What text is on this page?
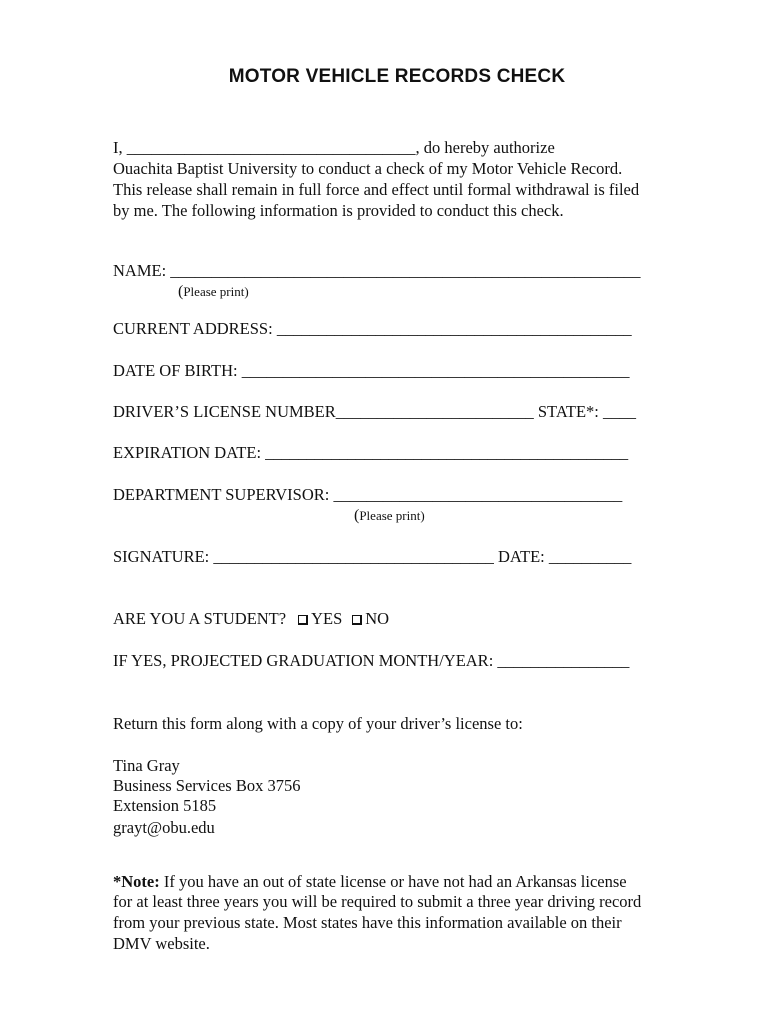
MOTOR VEHICLE RECORDS CHECK
I, ___________________________________, do hereby authorize
Ouachita Baptist University to conduct a check of my Motor Vehicle Record.
This release shall remain in full force and effect until formal withdrawal is filed
by me. The following information is provided to conduct this check.
NAME: _________________________________________________________
(Please print)
CURRENT ADDRESS: ___________________________________________
DATE OF BIRTH: _______________________________________________
DRIVER’S LICENSE NUMBER________________________ STATE*: ____
EXPIRATION DATE: ____________________________________________
DEPARTMENT SUPERVISOR: ___________________________________
(Please print)
SIGNATURE: __________________________________ DATE: __________
ARE YOU A STUDENT? YES NO
IF YES, PROJECTED GRADUATION MONTH/YEAR: ________________
Return this form along with a copy of your driver’s license to:
Tina Gray
Business Services Box 3756
Extension 5185
grayt@obu.edu
*Note: If you have an out of state license or have not had an Arkansas license
for at least three years you will be required to submit a three year driving record
from your previous state. Most states have this information available on their
DMV website.
